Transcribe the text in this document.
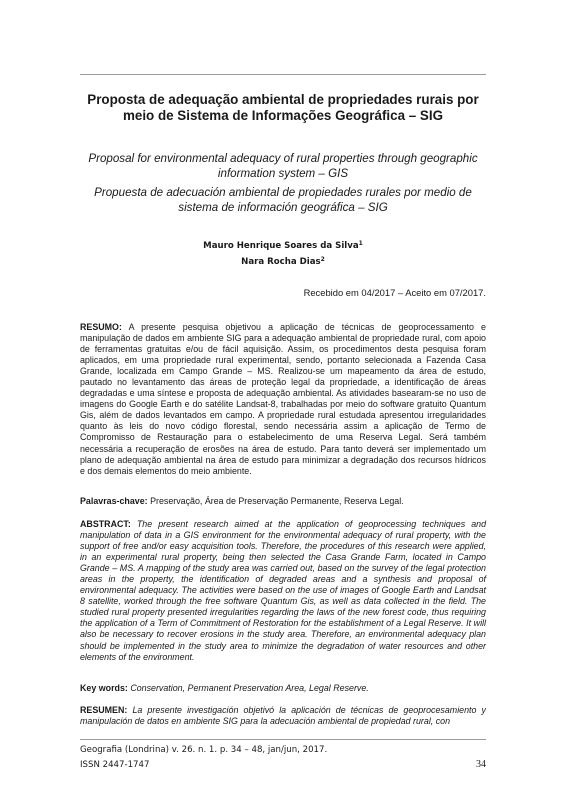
Proposta de adequação ambiental de propriedades rurais por meio de Sistema de Informações Geográfica – SIG
Proposal for environmental adequacy of rural properties through geographic information system – GIS
Propuesta de adecuación ambiental de propiedades rurales por medio de sistema de información geográfica – SIG
Mauro Henrique Soares da Silva$^1$
Nara Rocha Dias$^2$
Recebido em 04/2017 – Aceito em 07/2017.
RESUMO: A presente pesquisa objetivou a aplicação de técnicas de geoprocessamento e manipulação de dados em ambiente SIG para a adequação ambiental de propriedade rural, com apoio de ferramentas gratuitas e/ou de fácil aquisição. Assim, os procedimentos desta pesquisa foram aplicados, em uma propriedade rural experimental, sendo, portanto selecionada a Fazenda Casa Grande, localizada em Campo Grande – MS. Realizou-se um mapeamento da área de estudo, pautado no levantamento das áreas de proteção legal da propriedade, a identificação de áreas degradadas e uma síntese e proposta de adequação ambiental. As atividades basearam-se no uso de imagens do Google Earth e do satélite Landsat-8, trabalhadas por meio do software gratuito Quantum Gis, além de dados levantados em campo. A propriedade rural estudada apresentou irregularidades quanto às leis do novo código florestal, sendo necessária assim a aplicação de Termo de Compromisso de Restauração para o estabelecimento de uma Reserva Legal. Será também necessária a recuperação de erosões na área de estudo. Para tanto deverá ser implementado um plano de adequação ambiental na área de estudo para minimizar a degradação dos recursos hídricos e dos demais elementos do meio ambiente.
Palavras-chave: Preservação, Área de Preservação Permanente, Reserva Legal.
ABSTRACT: The present research aimed at the application of geoprocessing techniques and manipulation of data in a GIS environment for the environmental adequacy of rural property, with the support of free and/or easy acquisition tools. Therefore, the procedures of this research were applied, in an experimental rural property, being then selected the Casa Grande Farm, located in Campo Grande – MS. A mapping of the study area was carried out, based on the survey of the legal protection areas in the property, the identification of degraded areas and a synthesis and proposal of environmental adequacy. The activities were based on the use of images of Google Earth and Landsat 8 satellite, worked through the free software Quantum Gis, as well as data collected in the field. The studied rural property presented irregularities regarding the laws of the new forest code, thus requiring the application of a Term of Commitment of Restoration for the establishment of a Legal Reserve. It will also be necessary to recover erosions in the study area. Therefore, an environmental adequacy plan should be implemented in the study area to minimize the degradation of water resources and other elements of the environment.
Key words: Conservation, Permanent Preservation Area, Legal Reserve.
RESUMEN: La presente investigación objetivó la aplicación de técnicas de geoprocesamiento y manipulación de datos en ambiente SIG para la adecuación ambiental de propiedad rural, con
Geografia (Londrina) v. 26. n. 1. p. 34 – 48, jan/jun, 2017.
ISSN 2447-1747	34
